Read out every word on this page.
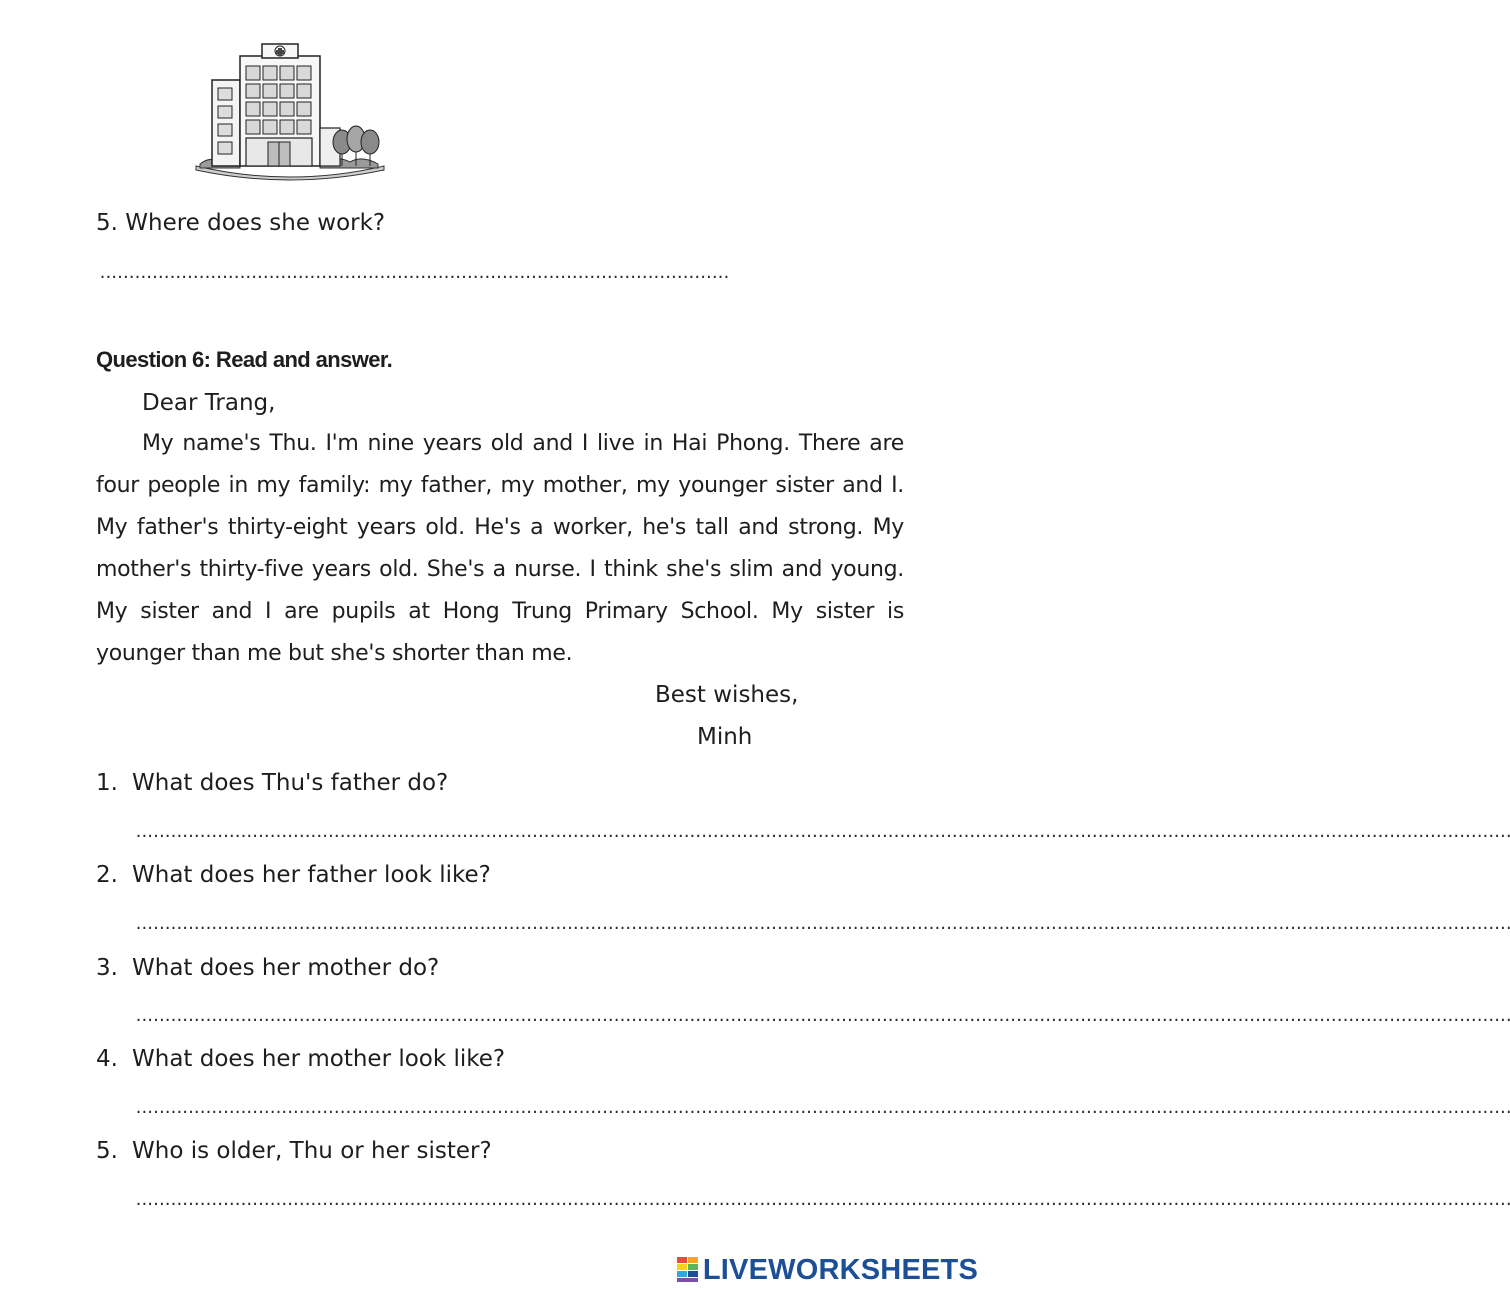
5. Where does she work?
............................................................................................................
Question 6: Read and answer.
Dear Trang,

My name's Thu. I'm nine years old and I live in Hai Phong. There are four people in my family: my father, my mother, my younger sister and I. My father's thirty-eight years old. He's a worker, he's tall and strong. My mother's thirty-five years old. She's a nurse. I think she's slim and young. My sister and I are pupils at Hong Trung Primary School. My sister is younger than me but she's shorter than me.

Best wishes,
Minh
1. What does Thu's father do?
............................................................................................................................................................................................................................................
2. What does her father look like?
............................................................................................................................................................................................................................................
3. What does her mother do?
............................................................................................................................................................................................................................................
4. What does her mother look like?
............................................................................................................................................................................................................................................
5. Who is older, Thu or her sister?
............................................................................................................................................................................................................................................
LIVEWORKSHEETS
